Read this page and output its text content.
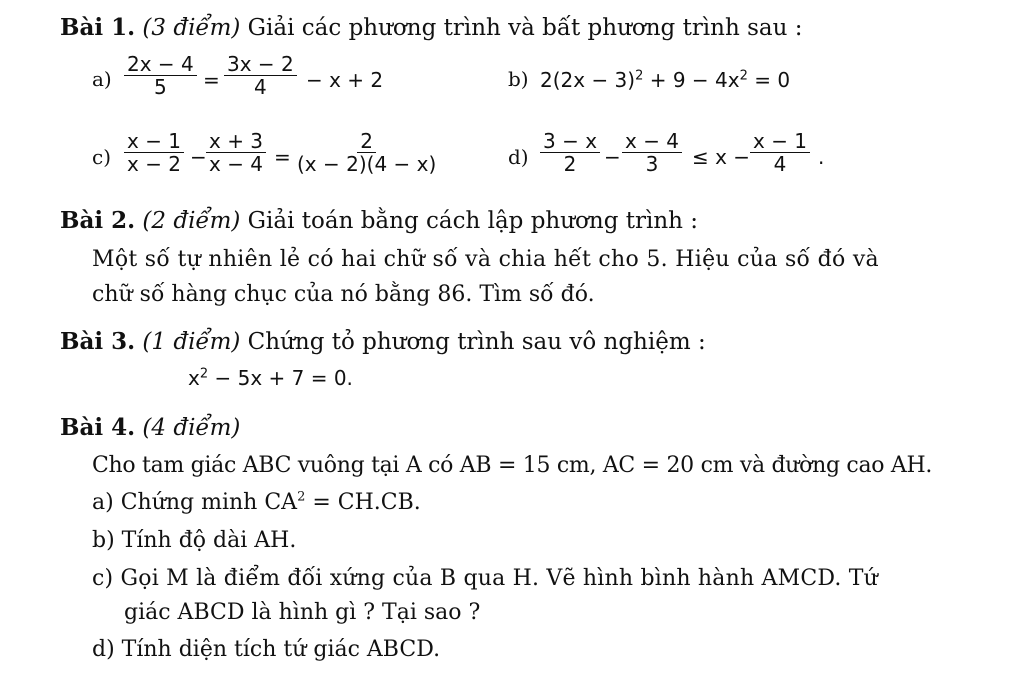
Bài 1. (3 điểm) Giải các phương trình và bất phương trình sau :
$a) \frac{2x - 4}{5} = \frac{3x - 2}{4} - x + 2$	b) $2(2x - 3)^2 + 9 - 4x^2 = 0$
$c) \frac{x - 1}{x - 2} - \frac{x + 3}{x - 4} = \frac{2}{(x - 2)(4 - x)}$	$d) \frac{3 - x}{2} - \frac{x - 4}{3} \le x - \frac{x - 1}{4}$ .
Bài 2. (2 điểm) Giải toán bằng cách lập phương trình :
Một số tự nhiên lẻ có hai chữ số và chia hết cho 5. Hiệu của số đó và
chữ số hàng chục của nó bằng 86. Tìm số đó.
Bài 3. (1 điểm) Chứng tỏ phương trình sau vô nghiệm :
$x^2 - 5x + 7 = 0$.
Bài 4. (4 điểm)
Cho tam giác ABC vuông tại A có AB = 15 cm, AC = 20 cm và đường cao AH.
a) Chứng minh $CA^2 = CH.CB$.
b) Tính độ dài AH.
c) Gọi M là điểm đối xứng của B qua H. Vẽ hình bình hành AMCD. Tứ
giác ABCD là hình gì ? Tại sao ?
d) Tính diện tích tứ giác ABCD.
